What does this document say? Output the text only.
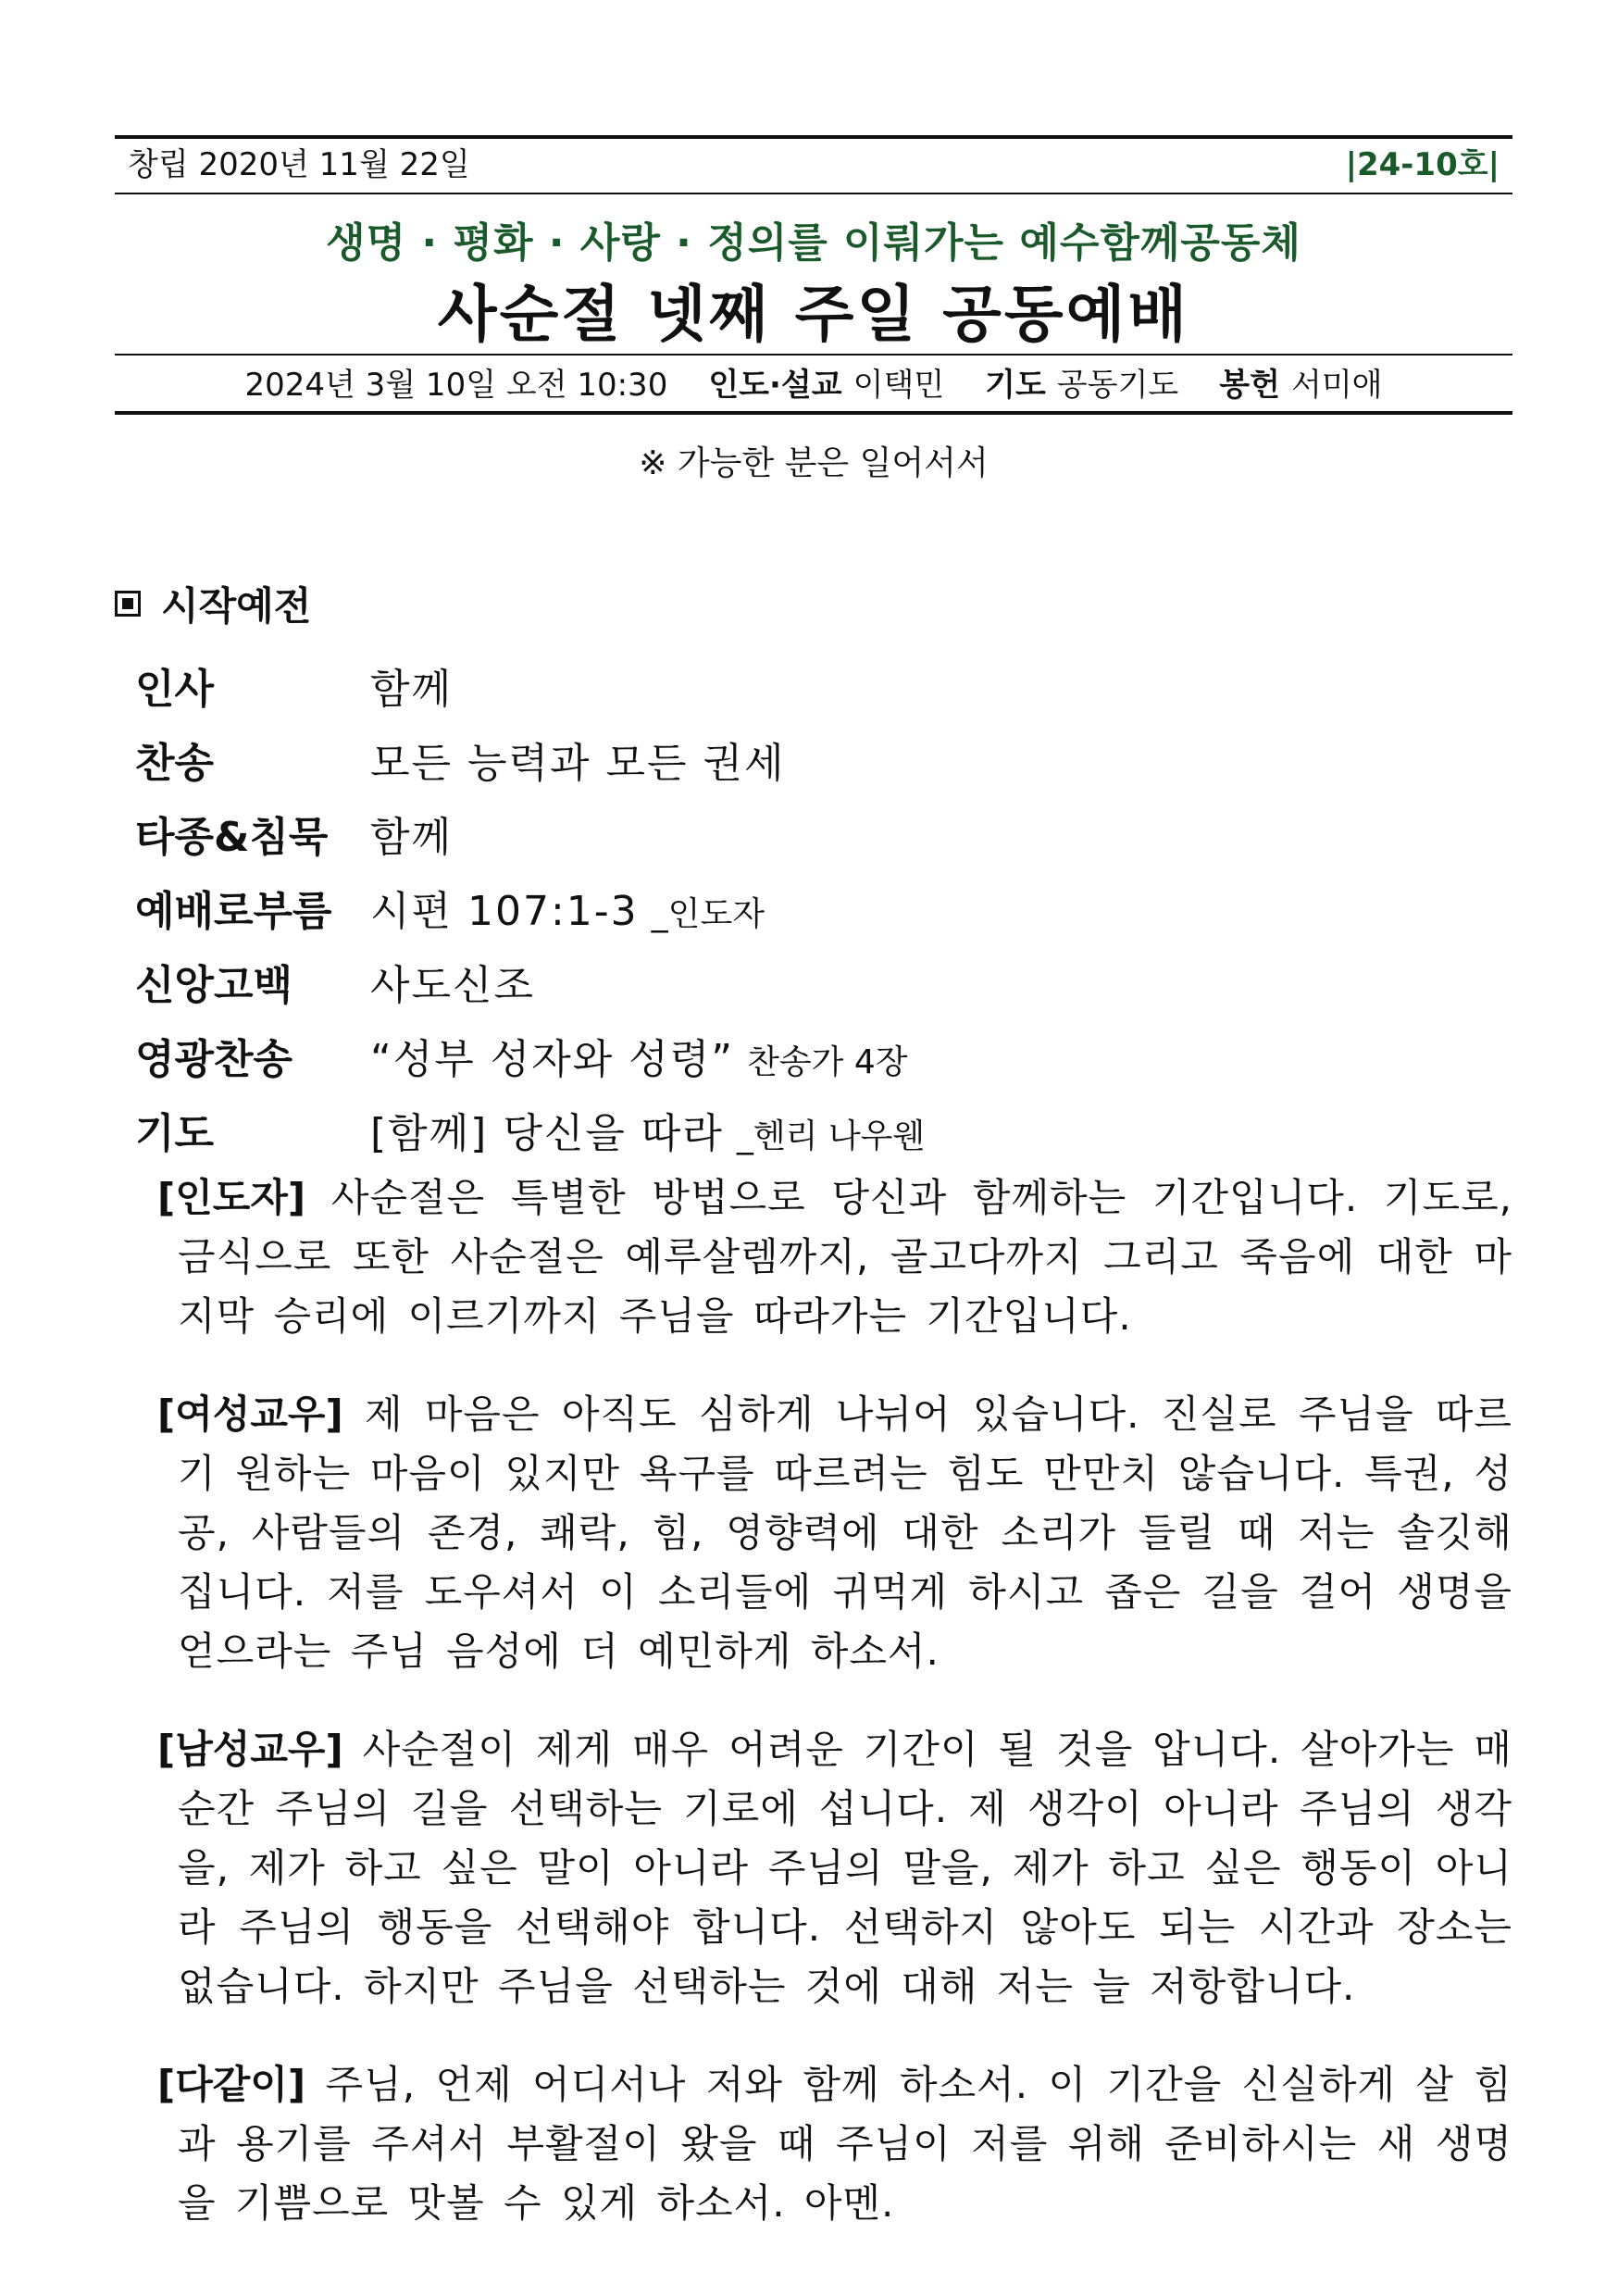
창립 2020년 11월 22일	|24-10호|
생명 · 평화 · 사랑 · 정의를 이뤄가는 예수함께공동체
사순절 넷째 주일 공동예배
2024년 3월 10일 오전 10:30 인도·설교 이택민 기도 공동기도 봉헌 서미애
※ 가능한 분은 일어서서
시작예전
인사	함께
찬송	모든 능력과 모든 권세
타종&침묵	함께
예배로부름 시편 107:1-3 _인도자
신앙고백	사도신조
영광찬송	“성부 성자와 성령” 찬송가 4장
기도	[함께] 당신을 따라 _헨리 나우웬

[인도자] 사순절은 특별한 방법으로 당신과 함께하는 기간입니다. 기도로, 금식으로 또한 사순절은 예루살렘까지, 골고다까지 그리고 죽음에 대한 마지막 승리에 이르기까지 주님을 따라가는 기간입니다.

[여성교우] 제 마음은 아직도 심하게 나뉘어 있습니다. 진실로 주님을 따르기 원하는 마음이 있지만 욕구를 따르려는 힘도 만만치 않습니다. 특권, 성공, 사람들의 존경, 쾌락, 힘, 영향력에 대한 소리가 들릴 때 저는 솔깃해집니다. 저를 도우셔서 이 소리들에 귀먹게 하시고 좁은 길을 걸어 생명을 얻으라는 주님 음성에 더 예민하게 하소서.

[남성교우] 사순절이 제게 매우 어려운 기간이 될 것을 압니다. 살아가는 매 순간 주님의 길을 선택하는 기로에 섭니다. 제 생각이 아니라 주님의 생각을, 제가 하고 싶은 말이 아니라 주님의 말을, 제가 하고 싶은 행동이 아니라 주님의 행동을 선택해야 합니다. 선택하지 않아도 되는 시간과 장소는 없습니다. 하지만 주님을 선택하는 것에 대해 저는 늘 저항합니다.

[다같이] 주님, 언제 어디서나 저와 함께 하소서. 이 기간을 신실하게 살 힘과 용기를 주셔서 부활절이 왔을 때 주님이 저를 위해 준비하시는 새 생명을 기쁨으로 맛볼 수 있게 하소서. 아멘.
